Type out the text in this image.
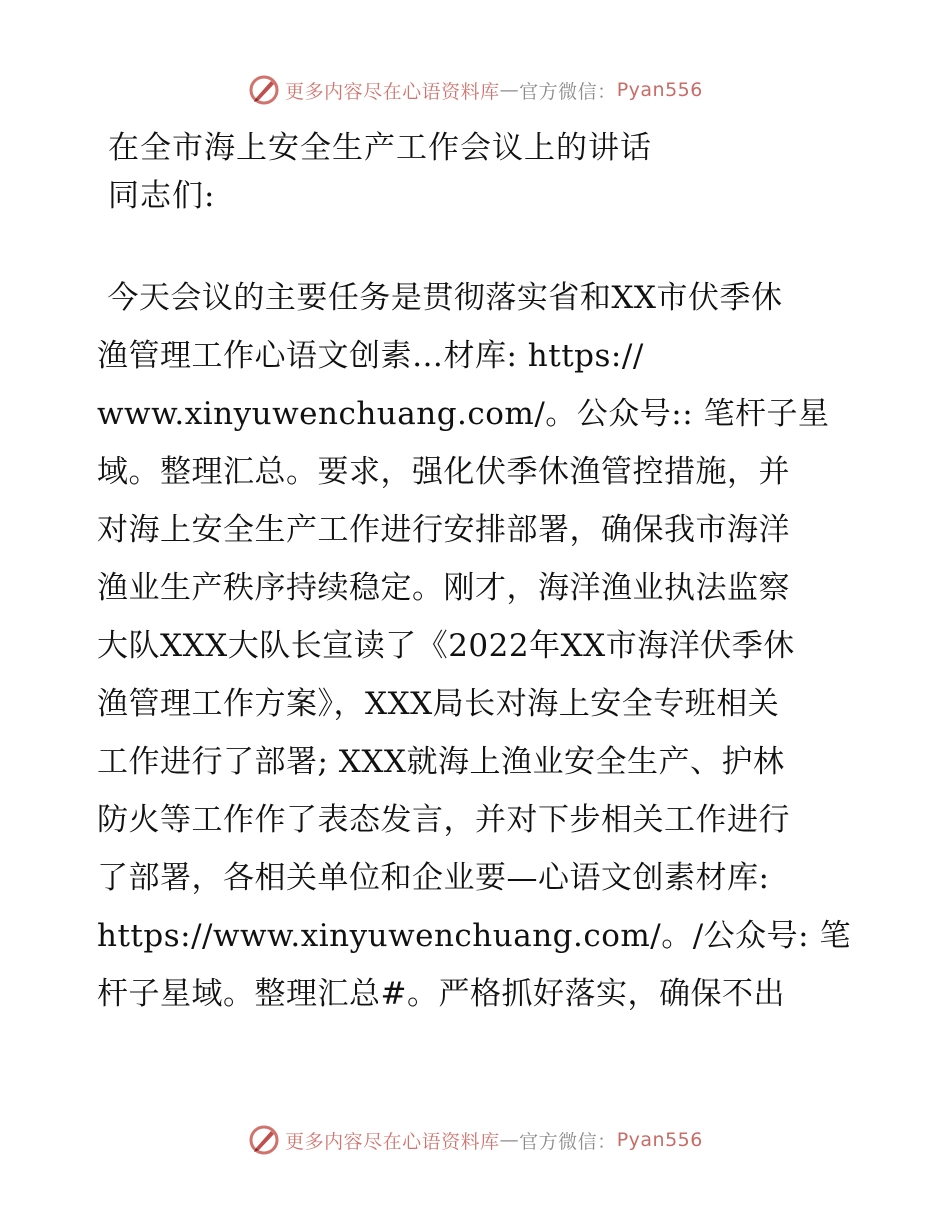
更多内容尽在心语资料库 — 官方微信： Pyan556
在全市海上安全生产工作会议上的讲话
同志们:
今天会议的主要任务是贯彻落实省和XX市伏季休
渔管理工作心语文创素…材库: https://
www.xinyuwenchuang.com/。公众号:: 笔杆子星
域。整理汇总。要求，强化伏季休渔管控措施，并
对海上安全生产工作进行安排部署，确保我市海洋
渔业生产秩序持续稳定。刚才，海洋渔业执法监察
大队XXX大队长宣读了《2022年XX市海洋伏季休
渔管理工作方案》，XXX局长对海上安全专班相关
工作进行了部署; XXX就海上渔业安全生产、护林
防火等工作作了表态发言，并对下步相关工作进行
了部署，各相关单位和企业要—心语文创素材库:
https://www.xinyuwenchuang.com/。/公众号: 笔
杆子星域。整理汇总#。严格抓好落实，确保不出
更多内容尽在心语资料库 — 官方微信： Pyan556
